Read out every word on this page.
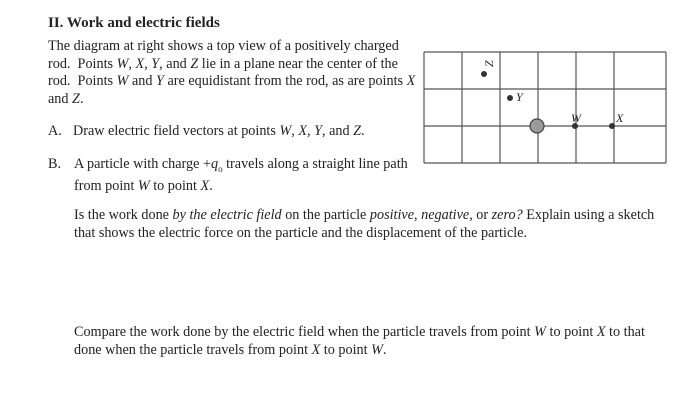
II. Work and electric fields
The diagram at right shows a top view of a positively charged rod.  Points W, X, Y, and Z lie in a plane near the center of the rod.  Points W and Y are equidistant from the rod, as are points X and Z.
A. Draw electric field vectors at points W, X, Y, and Z.
B. A particle with charge $+q_o$ travels along a straight line path from point W to point X.
Is the work done by the electric field on the particle positive, negative, or zero? Explain using a sketch that shows the electric force on the particle and the displacement of the particle.
Compare the work done by the electric field when the particle travels from point W to point X to that done when the particle travels from point X to point W.
Z
Y
W	X
